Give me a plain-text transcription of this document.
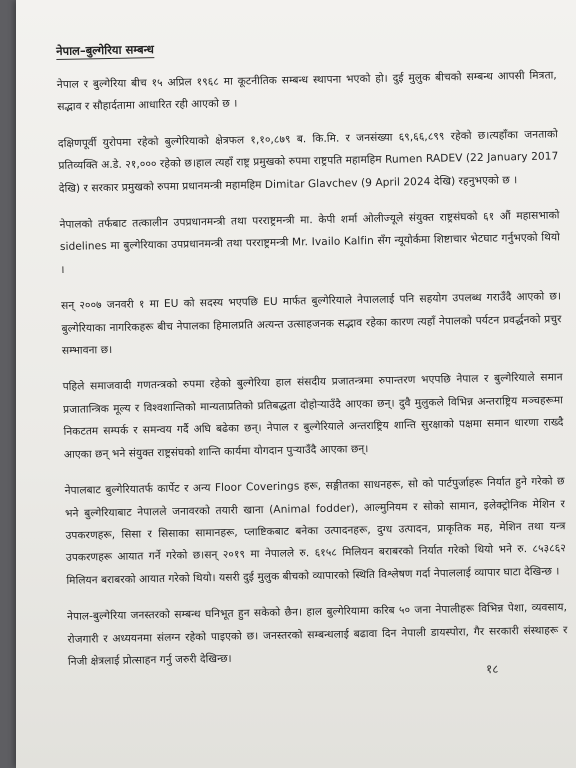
नेपाल–बुल्गेरिया सम्बन्ध

नेपाल र बुल्गेरिया बीच १५ अप्रिल १९६८ मा कूटनीतिक सम्बन्ध स्थापना भएको हो। दुई मुलुक बीचको सम्बन्ध आपसी मित्रता, सद्भाव र सौहार्दतामा आधारित रही आएको छ ।

दक्षिणपूर्वी युरोपमा रहेको बुल्गेरियाको क्षेत्रफल १,१०,८७९ ब. कि.मि. र जनसंख्या ६९,६६,८९९ रहेको छ।त्यहाँका जनताको प्रतिव्यक्ति अ.डे. २१,००० रहेको छ।हाल त्यहाँ राष्ट्र प्रमुखको रुपमा राष्ट्रपति महामहिम Rumen RADEV (22 January 2017 देखि) र सरकार प्रमुखको रुपमा प्रधानमन्त्री महामहिम Dimitar Glavchev (9 April 2024 देखि) रहनुभएको छ ।

नेपालको तर्फबाट तत्कालीन उपप्रधानमन्त्री तथा परराष्ट्रमन्त्री मा. केपी शर्मा ओलीज्यूले संयुक्त राष्ट्रसंघको ६१ औं महासभाको sidelines मा बुल्गेरियाका उपप्रधानमन्त्री तथा परराष्ट्रमन्त्री Mr. Ivailo Kalfin सँग न्यूयोर्कमा शिष्टाचार भेटघाट गर्नुभएको थियो ।

सन् २००७ जनवरी १ मा EU को सदस्य भएपछि EU मार्फत बुल्गेरियाले नेपाललाई पनि सहयोग उपलब्ध गराउँदै आएको छ।बुल्गेरियाका नागरिकहरू बीच नेपालका हिमालप्रति अत्यन्त उत्साहजनक सद्भाव रहेका कारण त्यहाँ नेपालको पर्यटन प्रवर्द्धनको प्रचुर सम्भावना छ।

पहिले समाजवादी गणतन्त्रको रुपमा रहेको बुल्गेरिया हाल संसदीय प्रजातन्त्रमा रुपान्तरण भएपछि नेपाल र बुल्गेरियाले समान प्रजातान्त्रिक मूल्य र विश्वशान्तिको मान्यताप्रतिको प्रतिबद्धता दोहोऱ्याउँदै आएका छन्। दुवै मुलुकले विभिन्न अन्तराष्ट्रिय मञ्चहरूमा निकटतम सम्पर्क र समन्वय गर्दै अघि बढेका छन्। नेपाल र बुल्गेरियाले अन्तराष्ट्रिय शान्ति सुरक्षाको पक्षमा समान धारणा राख्दै आएका छन् भने संयुक्त राष्ट्रसंघको शान्ति कार्यमा योगदान पुऱ्याउँदै आएका छन्।

नेपालबाट बुल्गेरियातर्फ कार्पेट र अन्य Floor Coverings हरू, सङ्गीतका साधनहरू, सो को पार्टपुर्जाहरू निर्यात हुने गरेको छ भने बुल्गेरियाबाट नेपालले जनावरको तयारी खाना (Animal fodder), आल्मुनियम र सोको सामान, इलेक्ट्रोनिक मेशिन र उपकरणहरू, सिसा र सिसाका सामानहरू, प्लाष्टिकबाट बनेका उत्पादनहरू, दुग्ध उत्पादन, प्राकृतिक मह, मेशिन तथा यन्त्र उपकरणहरू आयात गर्ने गरेको छ।सन् २०१९ मा नेपालले रु. ६१५८ मिलियन बराबरको निर्यात गरेको थियो भने रु. ८५३८६२ मिलियन बराबरको आयात गरेको थियो। यसरी दुई मुलुक बीचको व्यापारको स्थिति विश्लेषण गर्दा नेपाललाई व्यापार घाटा देखिन्छ ।

नेपाल-बुल्गेरिया जनस्तरको सम्बन्ध घनिभूत हुन सकेको छैन। हाल बुल्गेरियामा करिब ५० जना नेपालीहरू विभिन्न पेशा, व्यवसाय, रोजगारी र अध्ययनमा संलग्न रहेको पाइएको छ। जनस्तरको सम्बन्धलाई बढावा दिन नेपाली डायस्पोरा, गैर सरकारी संस्थाहरू र निजी क्षेत्रलाई प्रोत्साहन गर्नु जरुरी देखिन्छ।

१८
